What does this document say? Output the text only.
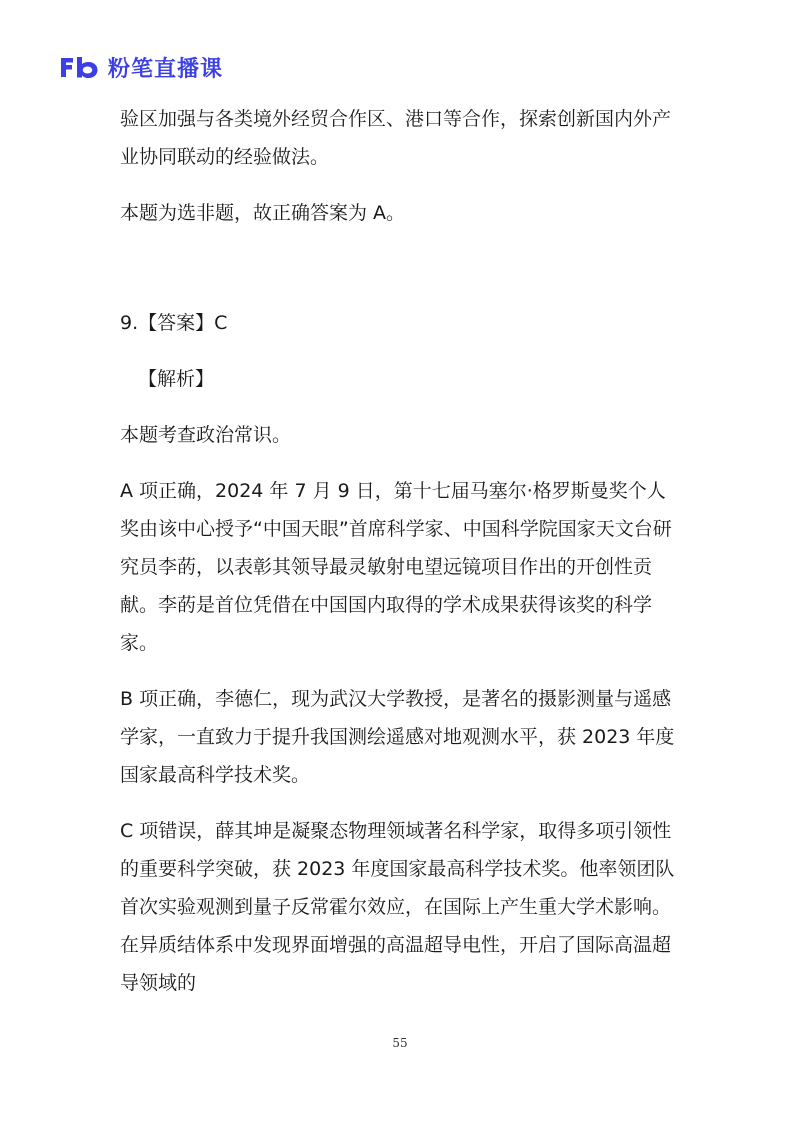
粉笔直播课

验区加强与各类境外经贸合作区、港口等合作，探索创新国内外产业协同联动的经验做法。

本题为选非题，故正确答案为 A。

9.【答案】C

【解析】

本题考查政治常识。

A 项正确，2024 年 7 月 9 日，第十七届马塞尔·格罗斯曼奖个人奖由该中心授予“中国天眼”首席科学家、中国科学院国家天文台研究员李菂，以表彰其领导最灵敏射电望远镜项目作出的开创性贡献。李菂是首位凭借在中国国内取得的学术成果获得该奖的科学家。

B 项正确，李德仁，现为武汉大学教授，是著名的摄影测量与遥感学家，一直致力于提升我国测绘遥感对地观测水平，获 2023 年度国家最高科学技术奖。

C 项错误，薛其坤是凝聚态物理领域著名科学家，取得多项引领性的重要科学突破，获 2023 年度国家最高科学技术奖。他率领团队首次实验观测到量子反常霍尔效应，在国际上产生重大学术影响。在异质结体系中发现界面增强的高温超导电性，开启了国际高温超导领域的

55
